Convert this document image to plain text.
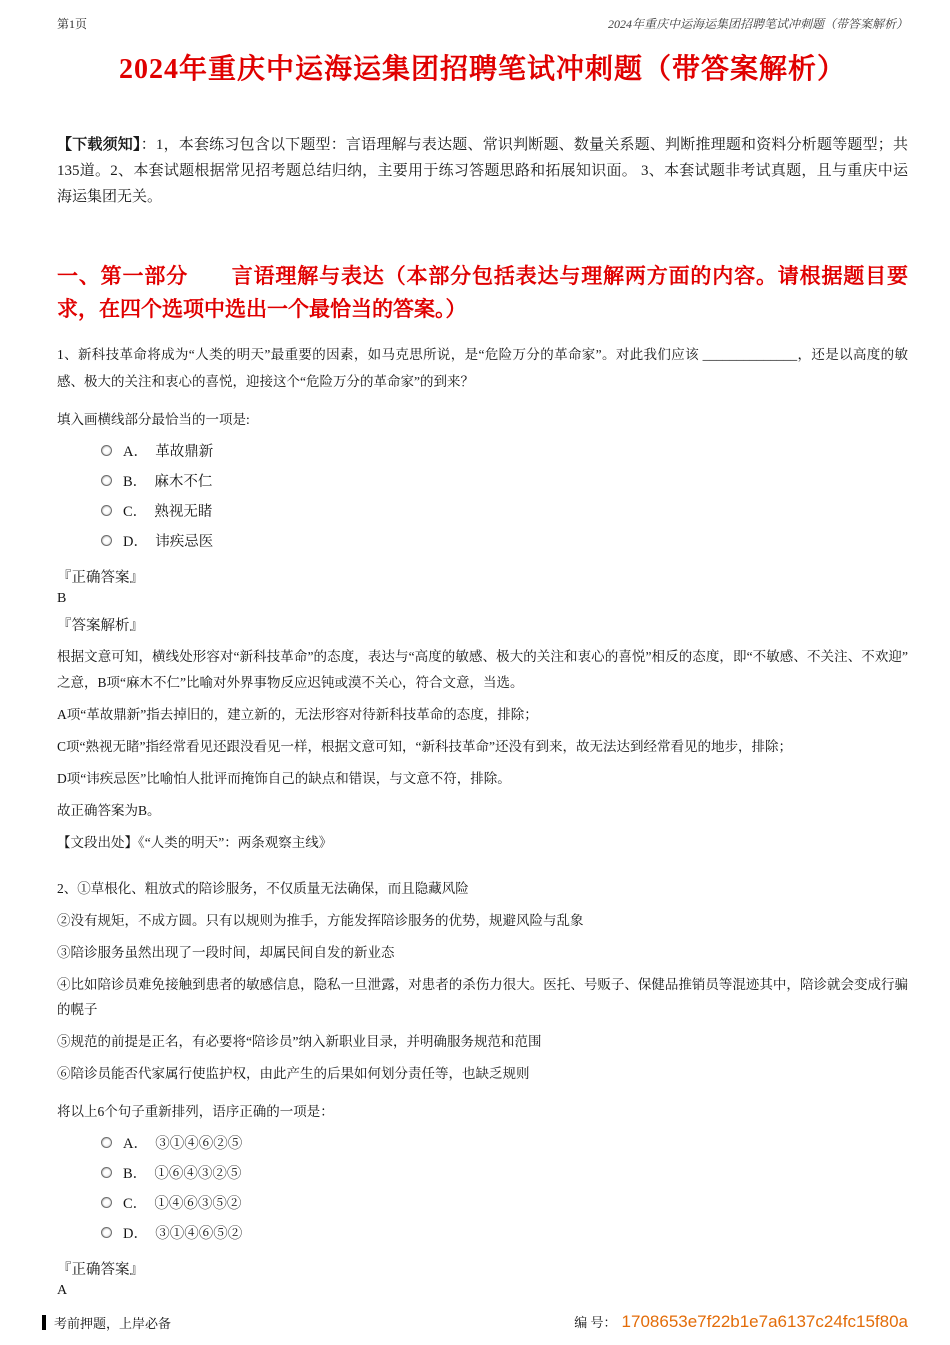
第1页	2024年重庆中运海运集团招聘笔试冲刺题（带答案解析）
2024年重庆中运海运集团招聘笔试冲刺题（带答案解析）

【下载须知】：1，本套练习包含以下题型：言语理解与表达题、常识判断题、数量关系题、判断推理题和资料分析题等题型；共135道。2、本套试题根据常见招考题总结归纳，主要用于练习答题思路和拓展知识面。 3、本套试题非考试真题，且与重庆中运海运集团无关。

一、第一部分　　言语理解与表达（本部分包括表达与理解两方面的内容。请根据题目要求，在四个选项中选出一个最恰当的答案。）

1、新科技革命将成为“人类的明天”最重要的因素，如马克思所说，是“危险万分的革命家”。对此我们应该 ______________，还是以高度的敏感、极大的关注和衷心的喜悦，迎接这个“危险万分的革命家”的到来？

填入画横线部分最恰当的一项是:

A．　革故鼎新
B．　麻木不仁
C．　熟视无睹
D．　讳疾忌医

『正确答案』

B

『答案解析』

根据文意可知，横线处形容对“新科技革命”的态度，表达与“高度的敏感、极大的关注和衷心的喜悦”相反的态度，即“不敏感、不关注、不欢迎”之意，B项“麻木不仁”比喻对外界事物反应迟钝或漠不关心，符合文意，当选。

A项“革故鼎新”指去掉旧的，建立新的，无法形容对待新科技革命的态度，排除；

C项“熟视无睹”指经常看见还跟没看见一样，根据文意可知，“新科技革命”还没有到来，故无法达到经常看见的地步，排除；

D项“讳疾忌医”比喻怕人批评而掩饰自己的缺点和错误，与文意不符，排除。

故正确答案为B。

【文段出处】《“人类的明天”：两条观察主线》

2、①草根化、粗放式的陪诊服务，不仅质量无法确保，而且隐藏风险

②没有规矩，不成方圆。只有以规则为推手，方能发挥陪诊服务的优势，规避风险与乱象

③陪诊服务虽然出现了一段时间，却属民间自发的新业态

④比如陪诊员难免接触到患者的敏感信息，隐私一旦泄露，对患者的杀伤力很大。医托、号贩子、保健品推销员等混迹其中，陪诊就会变成行骗的幌子

⑤规范的前提是正名，有必要将“陪诊员”纳入新职业目录，并明确服务规范和范围

⑥陪诊员能否代家属行使监护权，由此产生的后果如何划分责任等，也缺乏规则

将以上6个句子重新排列，语序正确的一项是：

A．　③①④⑥②⑤
B．　①⑥④③②⑤
C．　①④⑥③⑤②
D．　③①④⑥⑤②

『正确答案』

A

考前押题，上岸必备	编 号： 1708653e7f22b1e7a6137c24fc15f80a
